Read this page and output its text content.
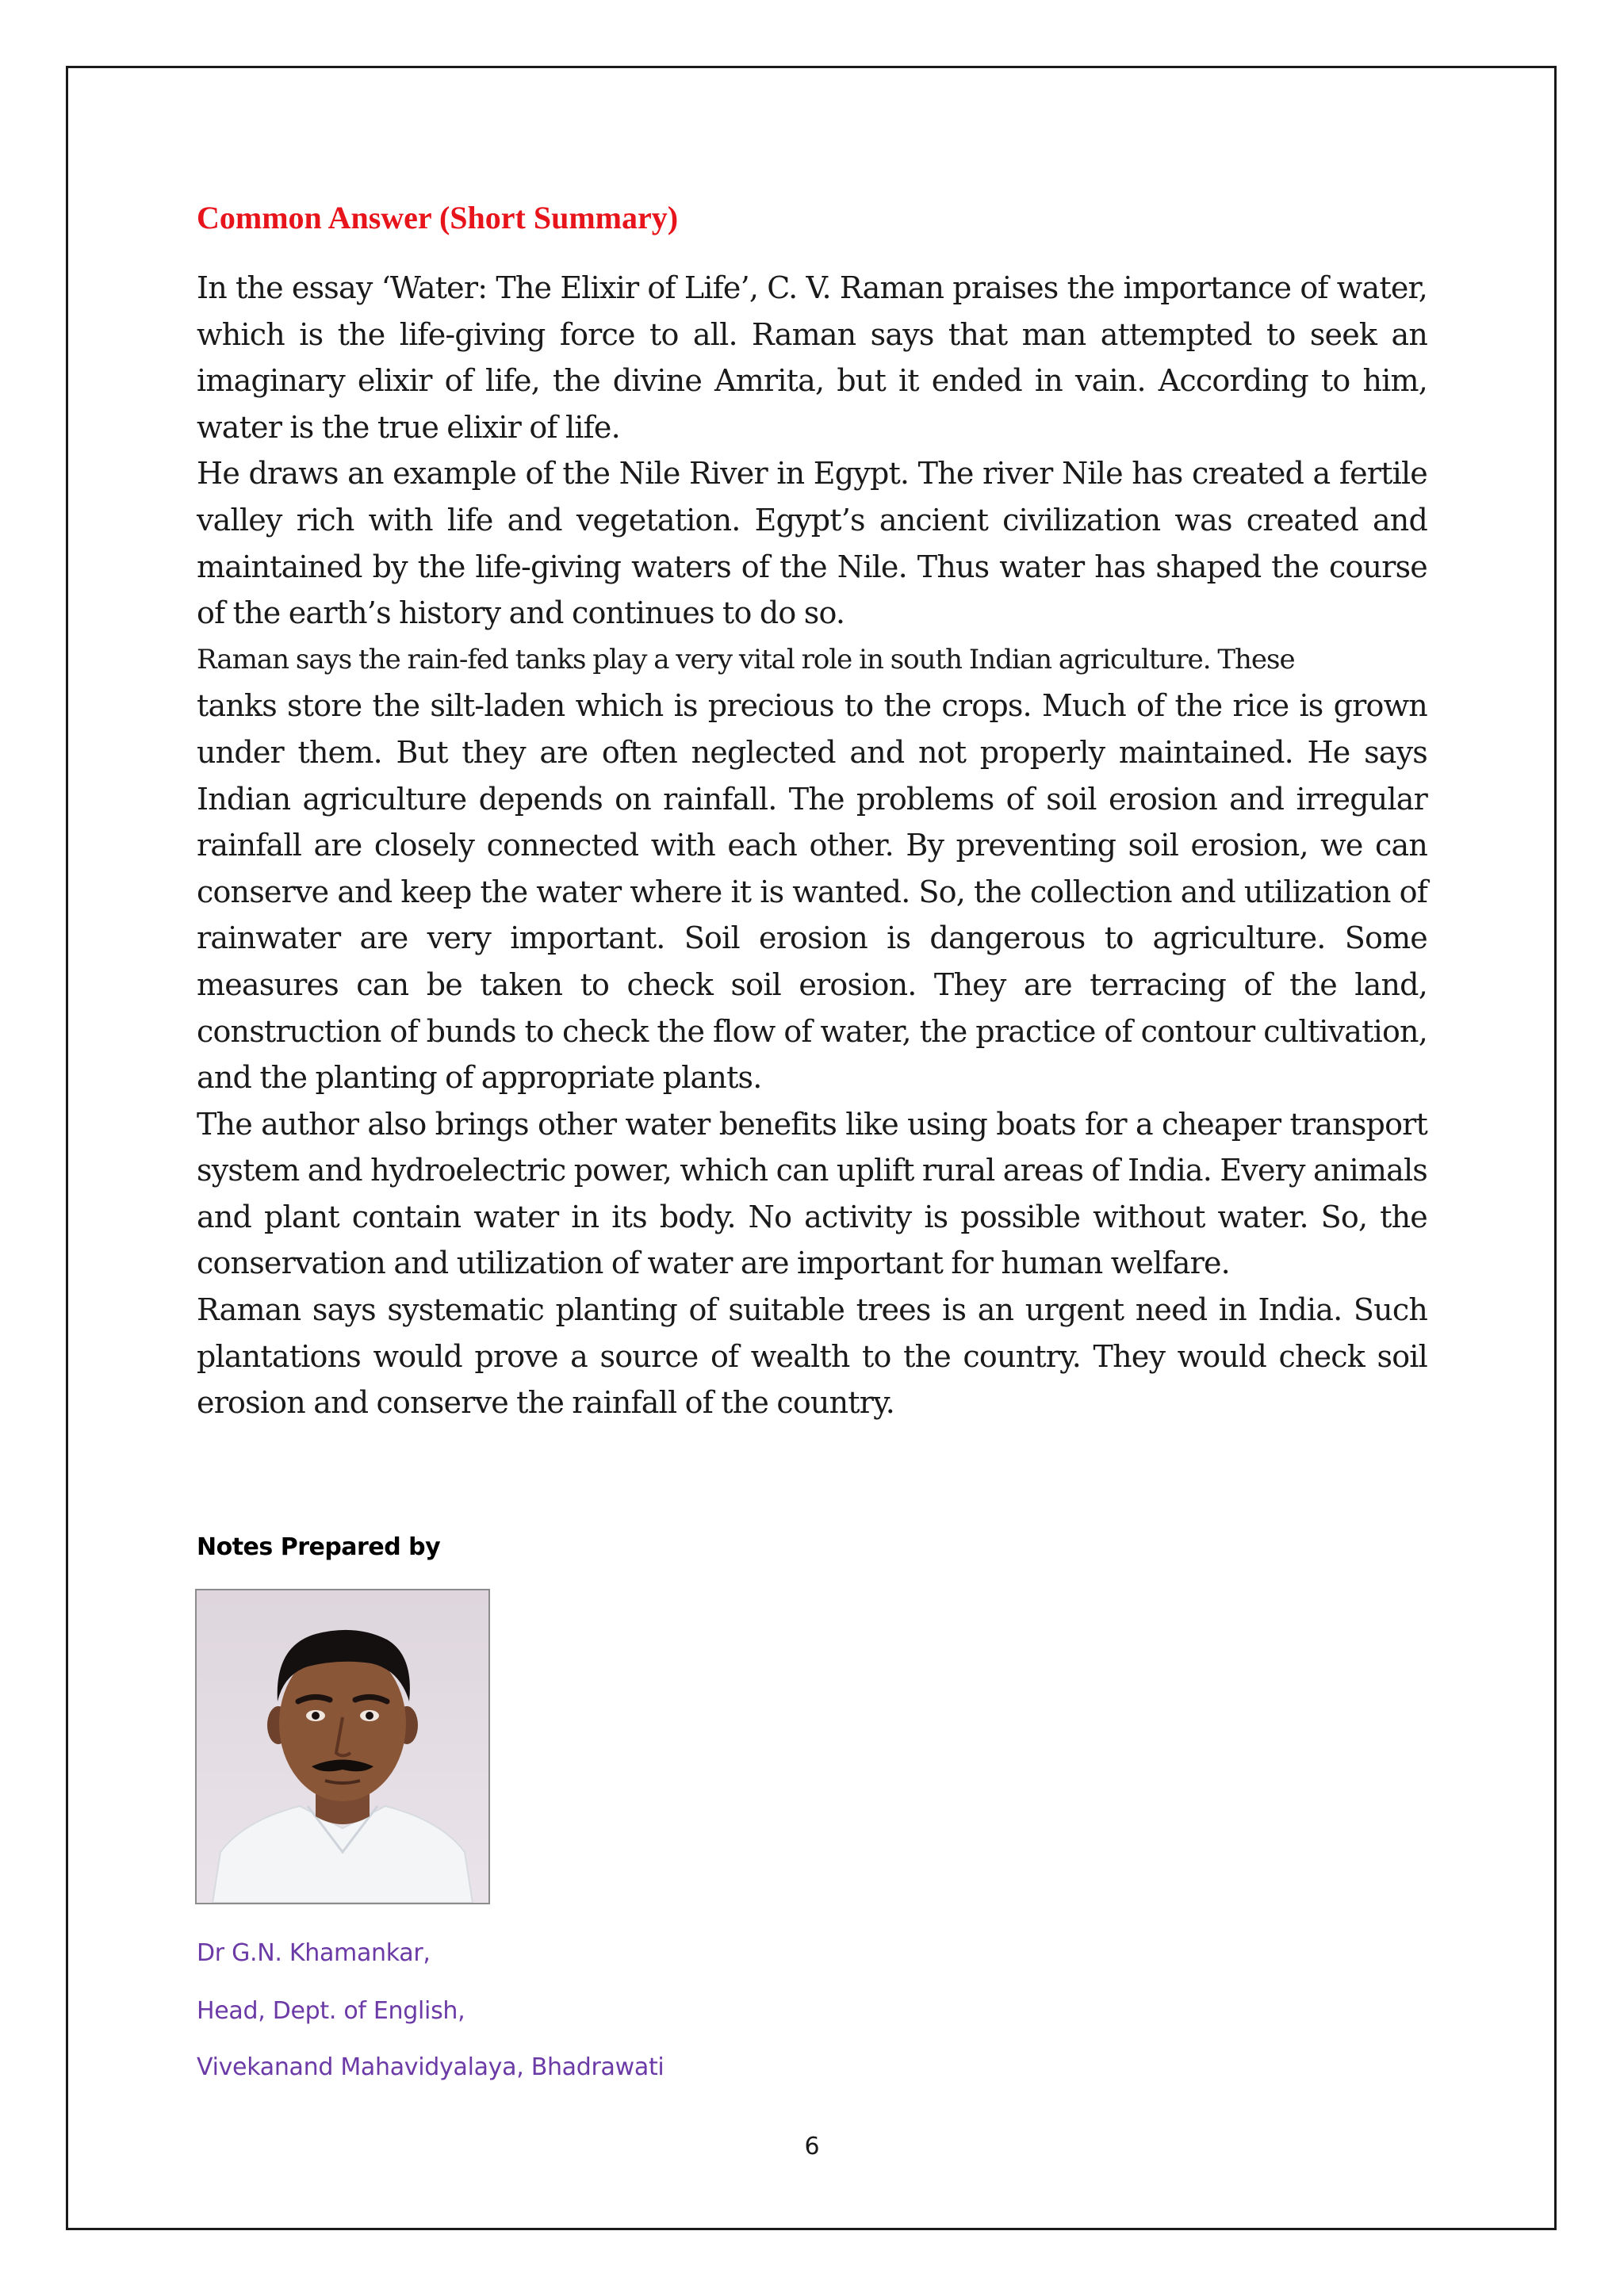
Common Answer (Short Summary)

In the essay ‘Water: The Elixir of Life’, C. V. Raman praises the importance of water, which is the life-giving force to all. Raman says that man attempted to seek an imaginary elixir of life, the divine Amrita, but it ended in vain. According to him, water is the true elixir of life.

He draws an example of the Nile River in Egypt. The river Nile has created a fertile valley rich with life and vegetation. Egypt’s ancient civilization was created and maintained by the life-giving waters of the Nile. Thus water has shaped the course of the earth’s history and continues to do so.

Raman says the rain-fed tanks play a very vital role in south Indian agriculture. These

tanks store the silt-laden which is precious to the crops. Much of the rice is grown under them. But they are often neglected and not properly maintained. He says Indian agriculture depends on rainfall. The problems of soil erosion and irregular rainfall are closely connected with each other. By preventing soil erosion, we can conserve and keep the water where it is wanted. So, the collection and utilization of rainwater are very important. Soil erosion is dangerous to agriculture. Some measures can be taken to check soil erosion. They are terracing of the land, construction of bunds to check the flow of water, the practice of contour cultivation, and the planting of appropriate plants.

The author also brings other water benefits like using boats for a cheaper transport system and hydroelectric power, which can uplift rural areas of India. Every animals and plant contain water in its body. No activity is possible without water. So, the conservation and utilization of water are important for human welfare.

Raman says systematic planting of suitable trees is an urgent need in India. Such plantations would prove a source of wealth to the country. They would check soil erosion and conserve the rainfall of the country.

Notes Prepared by
Dr G.N. Khamankar,
Head, Dept. of English,
Vivekanand Mahavidyalaya, Bhadrawati
6
